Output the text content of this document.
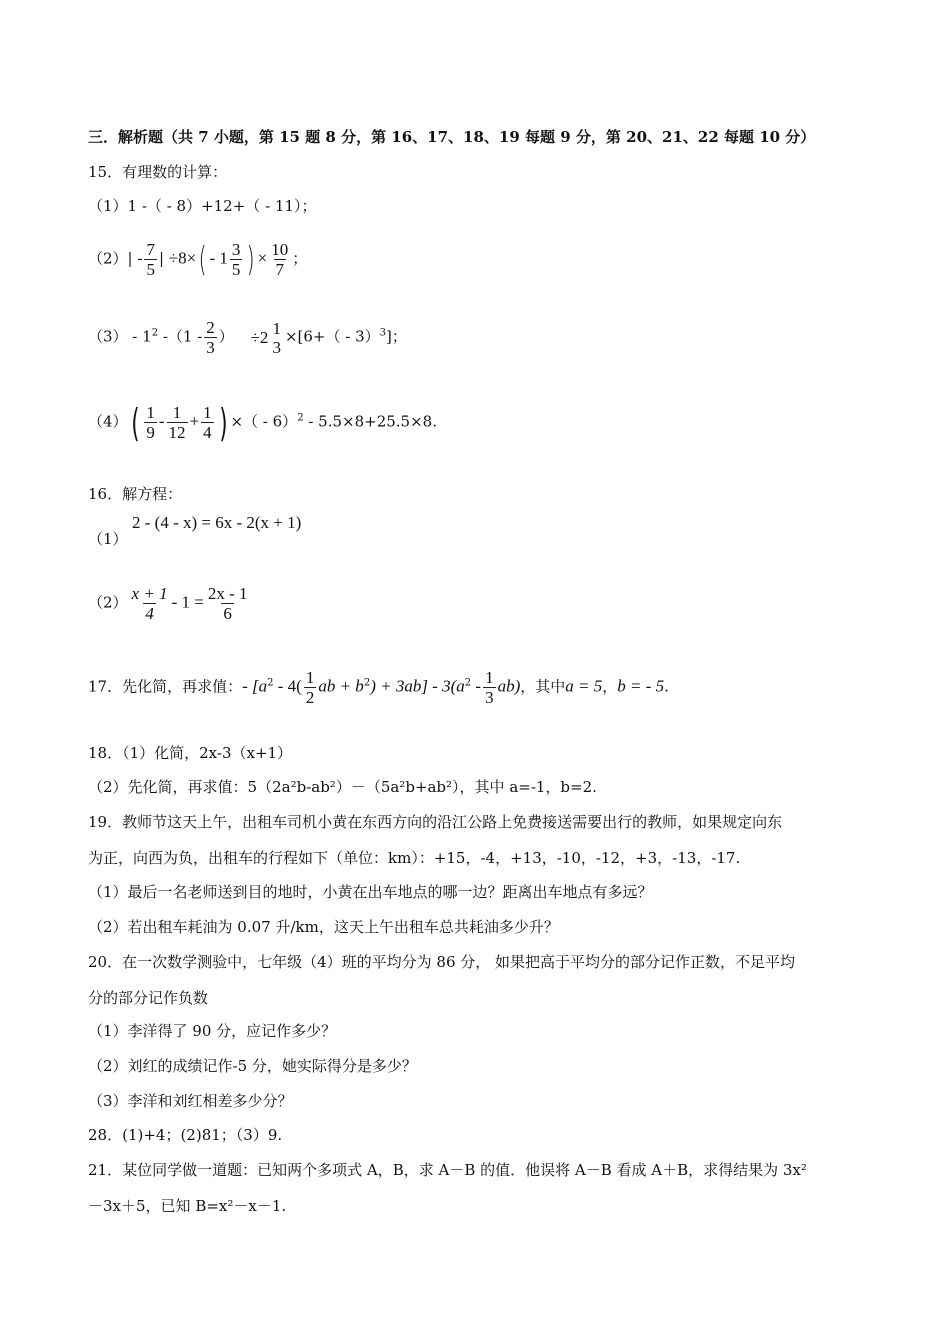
三．解析题（共 7 小题，第 15 题 8 分，第 16、17、18、19 每题 9 分，第 20、21、22 每题 10 分）
15．有理数的计算：
（1）1 -（ - 8）+12+（ - 11）；
$(2)| - \frac{7}{5}$ | $\div 8\times( - 1 \frac{3}{5}$ ) × $\frac{10}{7}$ ；
$(3) - 1^2$ $-(1 - \frac{2}{3}$ ） ÷2 1
3
×[6+（ - 3）$^3$]；
$(4)( \frac{1}{9} - \frac{1}{12} + \frac{1}{4}$ ) ×（ - 6）$^2$ - 5.5×8+25.5×8.
16．解方程：
2 - (4 - x) = 6x - 2(x + 1)
（1）
$(2) \frac{x + 1}{4} - 1 = \frac{2x - 1}{6}$
17．先化简，再求值：- [$a^2 - 4( \frac{1}{2}$ ab + $b^2) + 3ab] - 3(a^2 - \frac{1}{3} ab)$，其中a = 5，b = - 5.
18．（1）化简，2x-3（x+1）
（2）先化简，再求值：5（2a²b-ab²）－（5a²b+ab²），其中 a=-1，b=2.
19．教师节这天上午，出租车司机小黄在东西方向的沿江公路上免费接送需要出行的教师，如果规定向东
为正，向西为负，出租车的行程如下（单位：km）：+15，-4，+13，-10，-12，+3，-13，-17.
（1）最后一名老师送到目的地时，小黄在出车地点的哪一边？距离出车地点有多远？
（2）若出租车耗油为 0.07 升/km，这天上午出租车总共耗油多少升？
20．在一次数学测验中，七年级（4）班的平均分为 86 分， 如果把高于平均分的部分记作正数，不足平均
分的部分记作负数
（1）李洋得了 90 分，应记作多少？
（2）刘红的成绩记作-5 分，她实际得分是多少？
（3）李洋和刘红相差多少分？
28．(1)+4；(2)81；（3）9.
21．某位同学做一道题：已知两个多项式 A，B，求 A－B 的值．他误将 A－B 看成 A＋B，求得结果为 3x²
－3x＋5，已知 B=x²－x－1.
